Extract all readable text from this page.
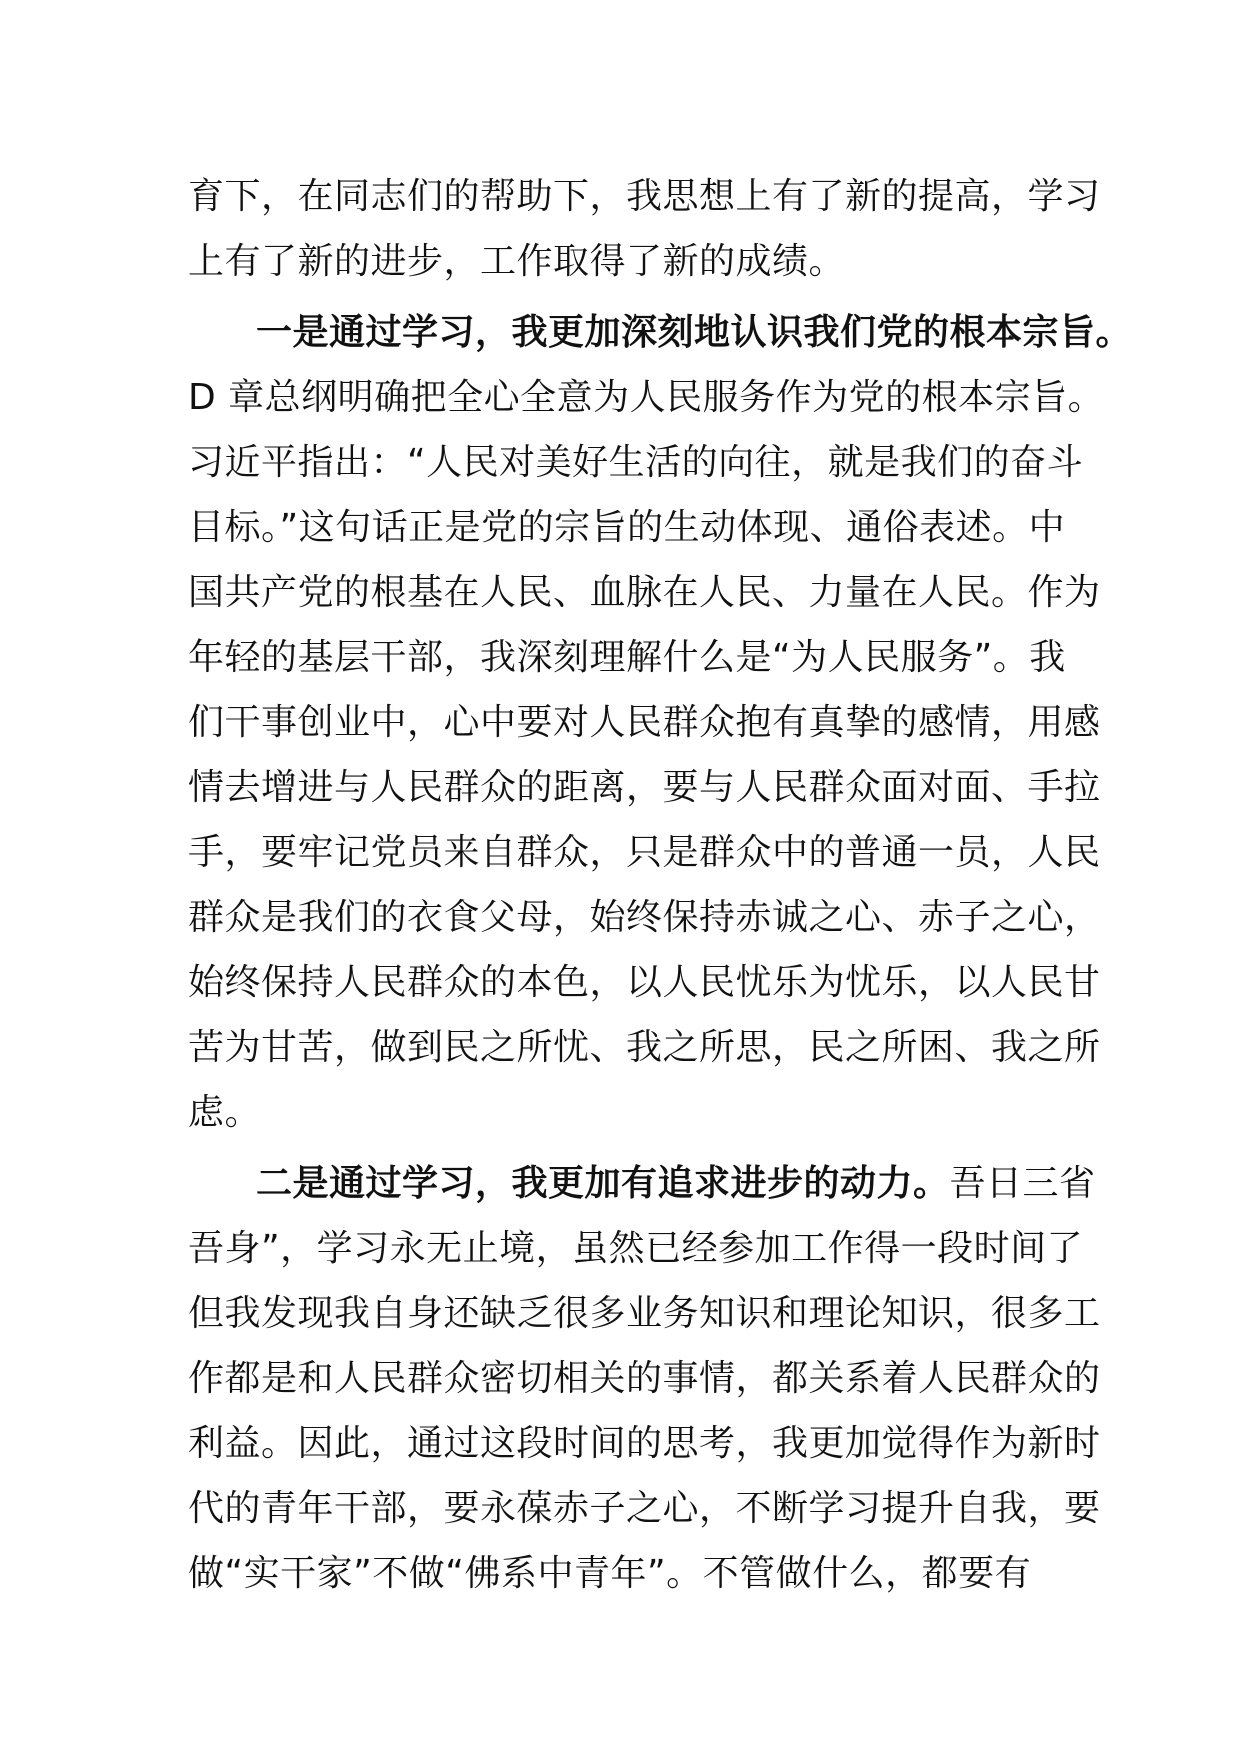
育下，在同志们的帮助下，我思想上有了新的提高，学习
上有了新的进步，工作取得了新的成绩。
一是通过学习，我更加深刻地认识我们党的根本宗旨。
D 章总纲明确把全心全意为人民服务作为党的根本宗旨。
习近平指出：“人民对美好生活的向往，就是我们的奋斗
目标。”这句话正是党的宗旨的生动体现、通俗表述。中
国共产党的根基在人民、血脉在人民、力量在人民。作为
年轻的基层干部，我深刻理解什么是“为人民服务”。我
们干事创业中，心中要对人民群众抱有真挚的感情，用感
情去增进与人民群众的距离，要与人民群众面对面、手拉
手，要牢记党员来自群众，只是群众中的普通一员，人民
群众是我们的衣食父母，始终保持赤诚之心、赤子之心，
始终保持人民群众的本色，以人民忧乐为忧乐，以人民甘
苦为甘苦，做到民之所忧、我之所思，民之所困、我之所
虑。
二是通过学习，我更加有追求进步的动力。吾日三省
吾身”，学习永无止境，虽然已经参加工作得一段时间了
但我发现我自身还缺乏很多业务知识和理论知识，很多工
作都是和人民群众密切相关的事情，都关系着人民群众的
利益。因此，通过这段时间的思考，我更加觉得作为新时
代的青年干部，要永葆赤子之心，不断学习提升自我，要
做“实干家”不做“佛系中青年”。不管做什么，都要有
